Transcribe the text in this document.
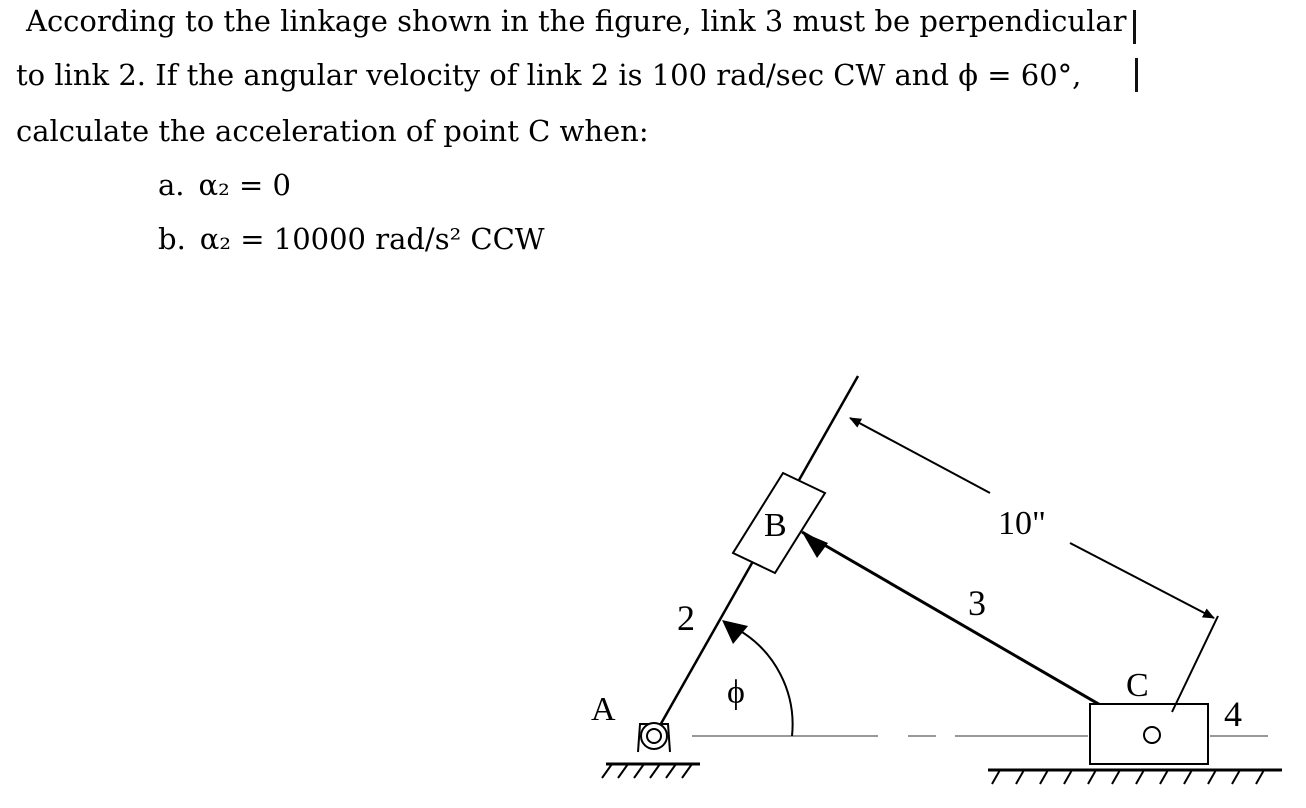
According to the linkage shown in the figure, link 3 must be perpendicular
to link 2. If the angular velocity of link 2 is 100 rad/sec CW and ϕ = 60°,
calculate the acceleration of point C when:
a. α₂ = 0
b. α₂ = 10000 rad/s² CCW
A
B
C
2	3
4
ϕ
10"
